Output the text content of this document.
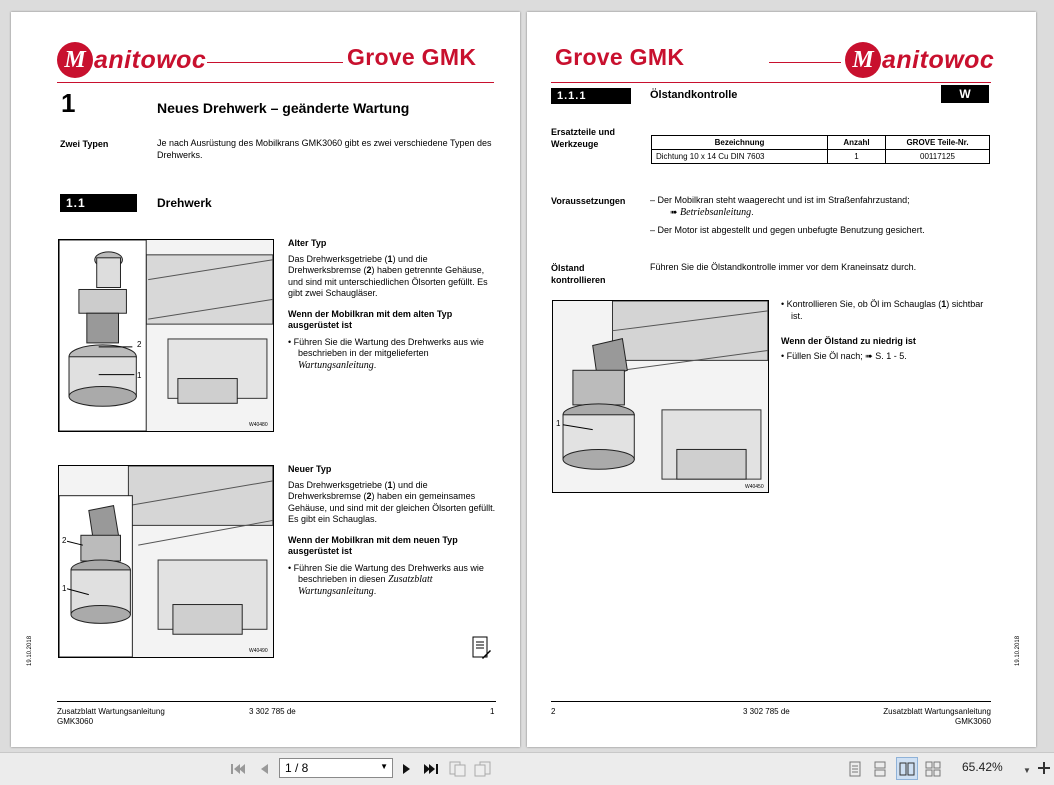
M anitowoc	Grove GMK
1	Neues Drehwerk – geänderte Wartung
Zwei Typen	Je nach Ausrüstung des Mobilkrans GMK3060 gibt es zwei verschiedene Typen des Drehwerks.
1.1	Drehwerk
2
1
W40480
Alter Typ
Das Drehwerksgetriebe (1) und die Drehwerksbremse (2) haben getrennte Gehäuse, und sind mit unterschiedlichen Ölsorten gefüllt. Es gibt zwei Schaugläser.
Wenn der Mobilkran mit dem alten Typ ausgerüstet ist
• Führen Sie die Wartung des Drehwerks aus wie beschrieben in der mitgelieferten Wartungsanleitung.
2
1
W40490
Neuer Typ
Das Drehwerksgetriebe (1) und die Drehwerksbremse (2) haben ein gemeinsames Gehäuse, und sind mit der gleichen Ölsorten gefüllt. Es gibt ein Schauglas.
Wenn der Mobilkran mit dem neuen Typ ausgerüstet ist
• Führen Sie die Wartung des Drehwerks aus wie beschrieben in diesen Zusatzblatt Wartungsanleitung.
19.10.2018
Zusatzblatt Wartungsanleitung
GMK3060
3 302 785 de	1
Grove GMK	M anitowoc
1.1.1	Ölstandkontrolle	W
Ersatzteile und Werkzeuge	Bezeichnung	Anzahl	GROVE Teile-Nr.
Dichtung 10 x 14 Cu DIN 7603	1	00117125
Voraussetzungen	– Der Mobilkran steht waagerecht und ist im Straßenfahrzustand;
➠ Betriebsanleitung.
– Der Motor ist abgestellt und gegen unbefugte Benutzung gesichert.
Ölstand kontrollieren
Führen Sie die Ölstandkontrolle immer vor dem Kraneinsatz durch.
1
W40450
• Kontrollieren Sie, ob Öl im Schauglas (1) sichtbar ist.
Wenn der Ölstand zu niedrig ist
• Füllen Sie Öl nach; ➠ S. 1 - 5.
19.10.2018
2	3 302 785 de	Zusatzblatt Wartungsanleitung
GMK3060
1 / 8	▼	65.42%	▼
